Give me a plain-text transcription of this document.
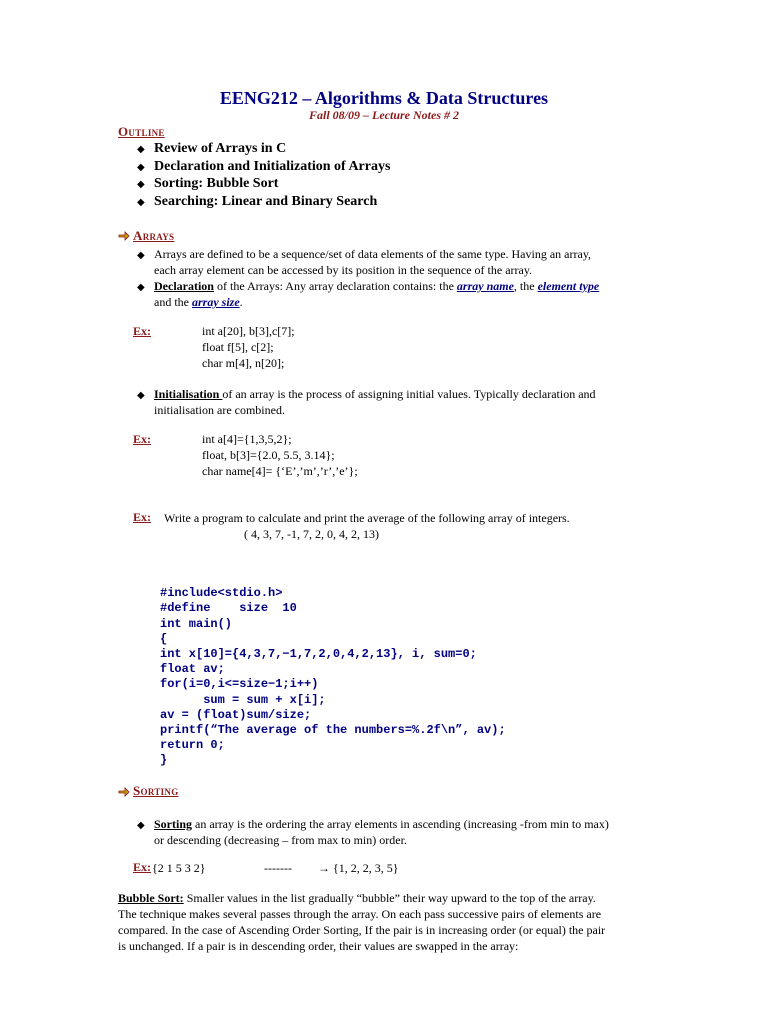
EENG212 – Algorithms & Data Structures
Fall 08/09 – Lecture Notes # 2
Outline
◆ Review of Arrays in C
◆ Declaration and Initialization of Arrays
◆ Sorting: Bubble Sort
◆ Searching: Linear and Binary Search
Arrays
◆ Arrays are defined to be a sequence/set of data elements of the same type. Having an array,
each array element can be accessed by its position in the sequence of the array.
◆ Declaration of the Arrays: Any array declaration contains: the array name, the element type
and the array size.
Ex:	int a[20], b[3],c[7];
float f[5], c[2];
char m[4], n[20];
◆ Initialisation of an array is the process of assigning initial values. Typically declaration and
initialisation are combined.
Ex:	int a[4]={1,3,5,2};
float, b[3]={2.0, 5.5, 3.14};
char name[4]= {‘E’,’m’,’r’,’e’};
Ex: Write a program to calculate and print the average of the following array of integers.
( 4, 3, 7, -1, 7, 2, 0, 4, 2, 13)

#include<stdio.h>
#define    size  10
int main()
{
int x[10]={4,3,7,−1,7,2,0,4,2,13}, i, sum=0;
float av;
for(i=0,i<=size−1;i++)
sum = sum + x[i];
av = (float)sum/size;
printf(“The average of the numbers=%.2f\n”, av);
return 0;
}

Sorting
◆ Sorting an array is the ordering the array elements in ascending (increasing -from min to max)
or descending (decreasing – from max to min) order.
Ex: {2 1 5 3 2}	------- → {1, 2, 2, 3, 5}
Bubble Sort: Smaller values in the list gradually “bubble” their way upward to the top of the array.
The technique makes several passes through the array. On each pass successive pairs of elements are
compared. In the case of Ascending Order Sorting, If the pair is in increasing order (or equal) the pair
is unchanged. If a pair is in descending order, their values are swapped in the array:
